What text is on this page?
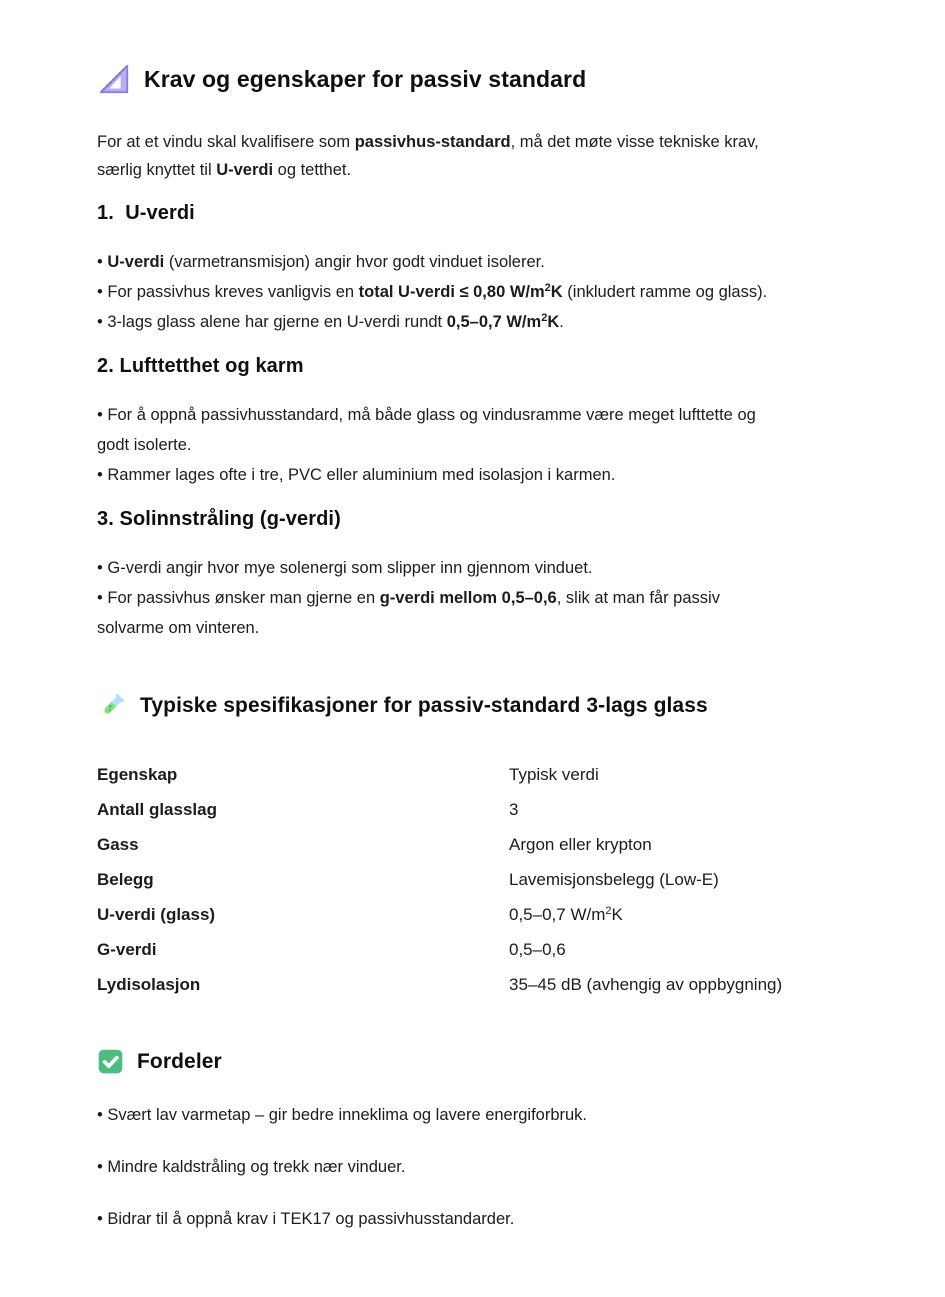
Krav og egenskaper for passiv standard

For at et vindu skal kvalifisere som passivhus-standard, må det møte visse tekniske krav,
særlig knyttet til U-verdi og tetthet.

1.  U-verdi

• U-verdi (varmetransmisjon) angir hvor godt vinduet isolerer.

• For passivhus kreves vanligvis en total U-verdi ≤ 0,80 $W/m^2K$ (inkludert ramme og glass).

• 3-lags glass alene har gjerne en U-verdi rundt 0,5–0,7 $W/m^2K$.

2. Lufttetthet og karm

• For å oppnå passivhusstandard, må både glass og vindusramme være meget lufttette og
godt isolerte.

• Rammer lages ofte i tre, PVC eller aluminium med isolasjon i karmen.

3. Solinnstråling (g-verdi)

• G-verdi angir hvor mye solenergi som slipper inn gjennom vinduet.

• For passivhus ønsker man gjerne en g-verdi mellom 0,5–0,6, slik at man får passiv
solvarme om vinteren.

Typiske spesifikasjoner for passiv-standard 3-lags glass
Egenskap	Typisk verdi
Antall glasslag	3
Gass	Argon eller krypton
Belegg	Lavemisjonsbelegg (Low-E)
U-verdi (glass)	0,5–0,7 $W/m^2K$
G-verdi	0,5–0,6
Lydisolasjon	35–45 dB (avhengig av oppbygning)
Fordeler

• Svært lav varmetap – gir bedre inneklima og lavere energiforbruk.

• Mindre kaldstråling og trekk nær vinduer.

• Bidrar til å oppnå krav i TEK17 og passivhusstandarder.
